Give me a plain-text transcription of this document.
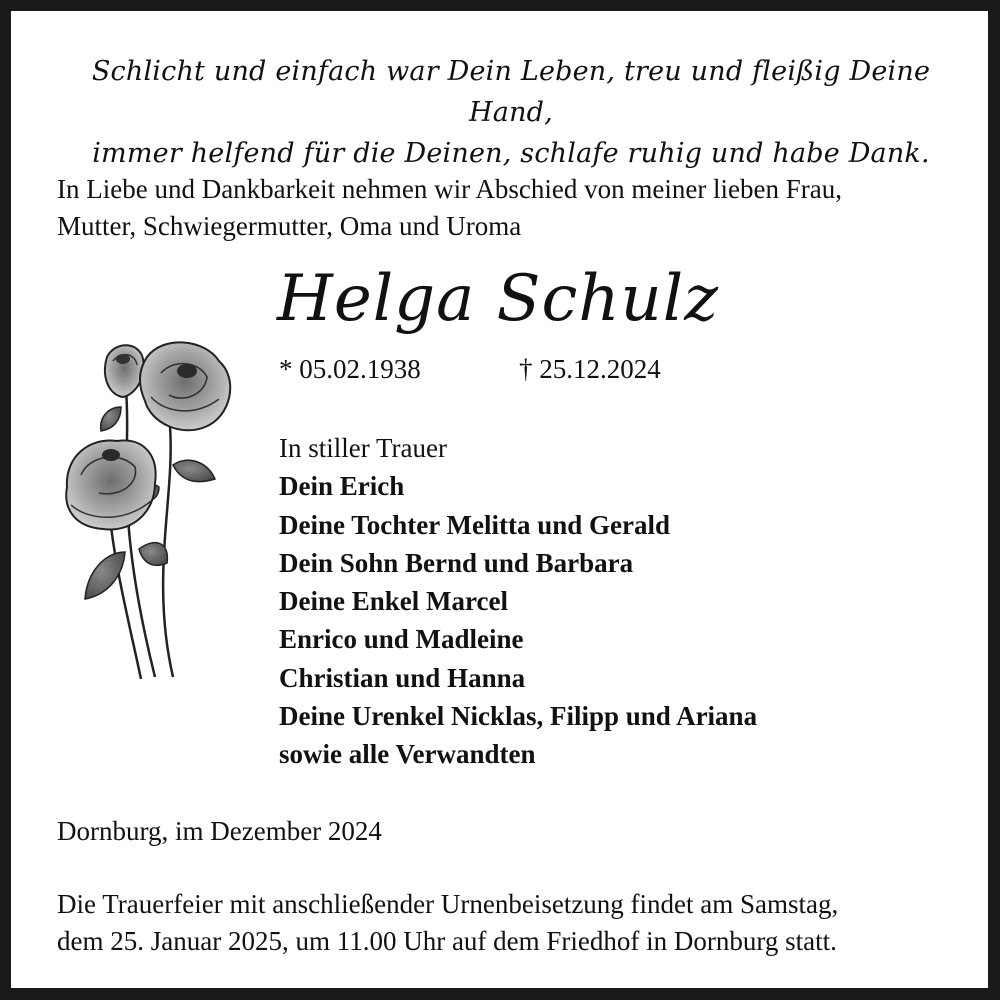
Schlicht und einfach war Dein Leben, treu und fleißig Deine Hand,
immer helfend für die Deinen, schlafe ruhig und habe Dank.
In Liebe und Dankbarkeit nehmen wir Abschied von meiner lieben Frau,
Mutter, Schwiegermutter, Oma und Uroma
Helga Schulz
* 05.02.1938	† 25.12.2024
In stiller Trauer
Dein Erich
Deine Tochter Melitta und Gerald
Dein Sohn Bernd und Barbara
Deine Enkel Marcel
Enrico und Madleine
Christian und Hanna
Deine Urenkel Nicklas, Filipp und Ariana
sowie alle Verwandten
Dornburg, im Dezember 2024
Die Trauerfeier mit anschließender Urnenbeisetzung findet am Samstag,
dem 25. Januar 2025, um 11.00 Uhr auf dem Friedhof in Dornburg statt.
